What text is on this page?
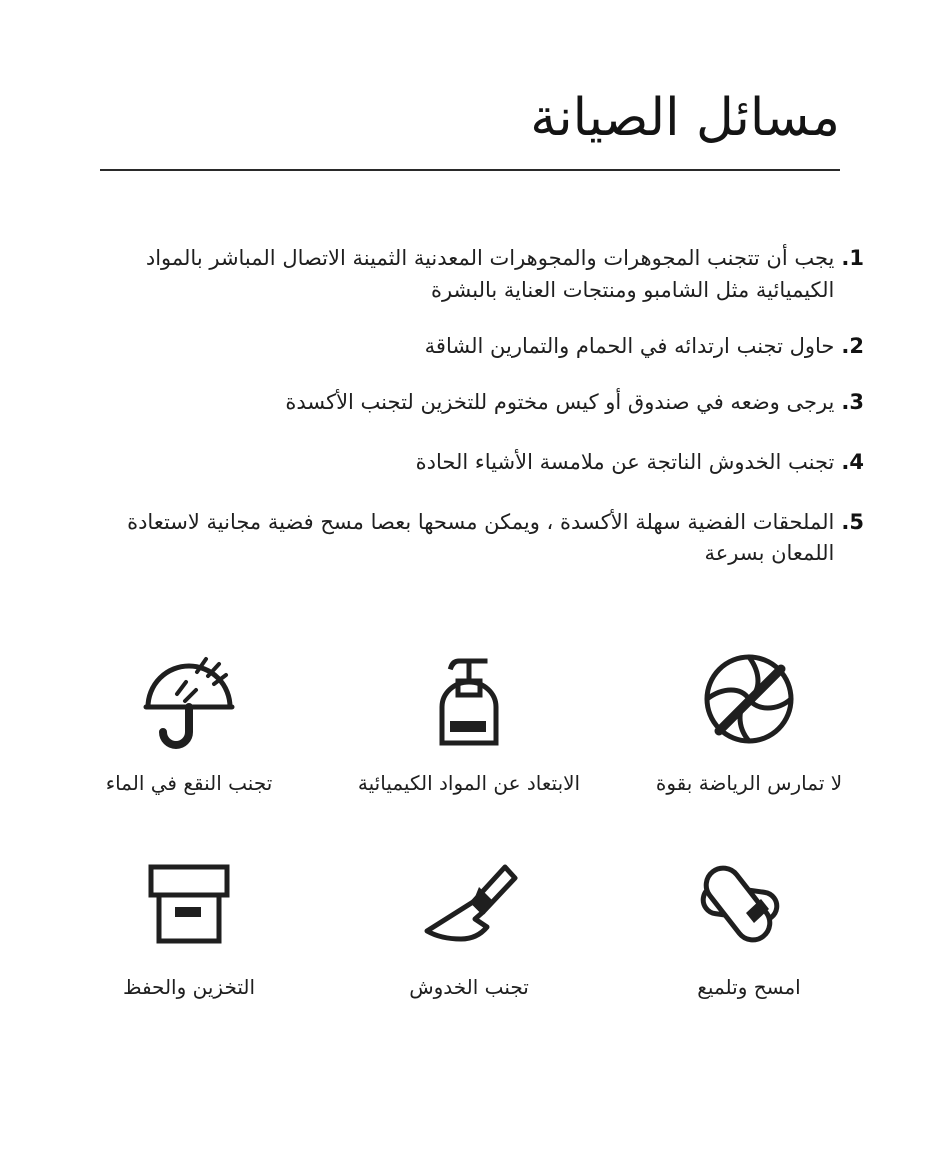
مسائل الصيانة
1.
يجب أن تتجنب المجوهرات والمجوهرات المعدنية الثمينة الاتصال المباشر بالمواد الكيميائية مثل الشامبو ومنتجات العناية بالبشرة
2.
حاول تجنب ارتدائه في الحمام والتمارين الشاقة
3.
يرجى وضعه في صندوق أو كيس مختوم للتخزين لتجنب الأكسدة
4.
تجنب الخدوش الناتجة عن ملامسة الأشياء الحادة
5.
الملحقات الفضية سهلة الأكسدة ، ويمكن مسحها بعصا مسح فضية مجانية لاستعادة اللمعان بسرعة
تجنب النقع في الماء	الابتعاد عن المواد الكيميائية	لا تمارس الرياضة بقوة
التخزين والحفظ	تجنب الخدوش	امسح وتلميع
